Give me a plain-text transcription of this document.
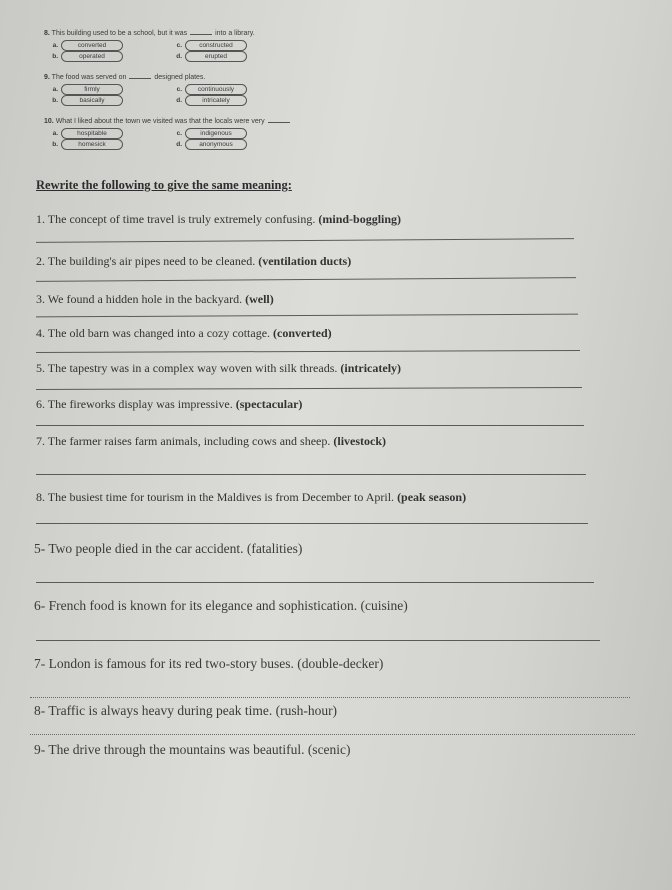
8. This building used to be a school, but it was	into a library.
a.	converted	c.	constructed
b.	operated	d.	erupted
9. The food was served on	designed plates.
a.	firmly	c.	continuously
b.	basically	d.	intricately
10. What I liked about the town we visited was that the locals were very
a.	hospitable	c.	indigenous
b.	homesick	d.	anonymous
Rewrite the following to give the same meaning:
1. The concept of time travel is truly extremely confusing. (mind-boggling)
2. The building's air pipes need to be cleaned. (ventilation ducts)
3. We found a hidden hole in the backyard. (well)
4. The old barn was changed into a cozy cottage. (converted)
5. The tapestry was in a complex way woven with silk threads. (intricately)
6. The fireworks display was impressive. (spectacular)
7. The farmer raises farm animals, including cows and sheep. (livestock)
8. The busiest time for tourism in the Maldives is from December to April. (peak season)
5- Two people died in the car accident. (fatalities)
6- French food is known for its elegance and sophistication. (cuisine)
7- London is famous for its red two-story buses. (double-decker)
8- Traffic is always heavy during peak time. (rush-hour)
9- The drive through the mountains was beautiful. (scenic)
